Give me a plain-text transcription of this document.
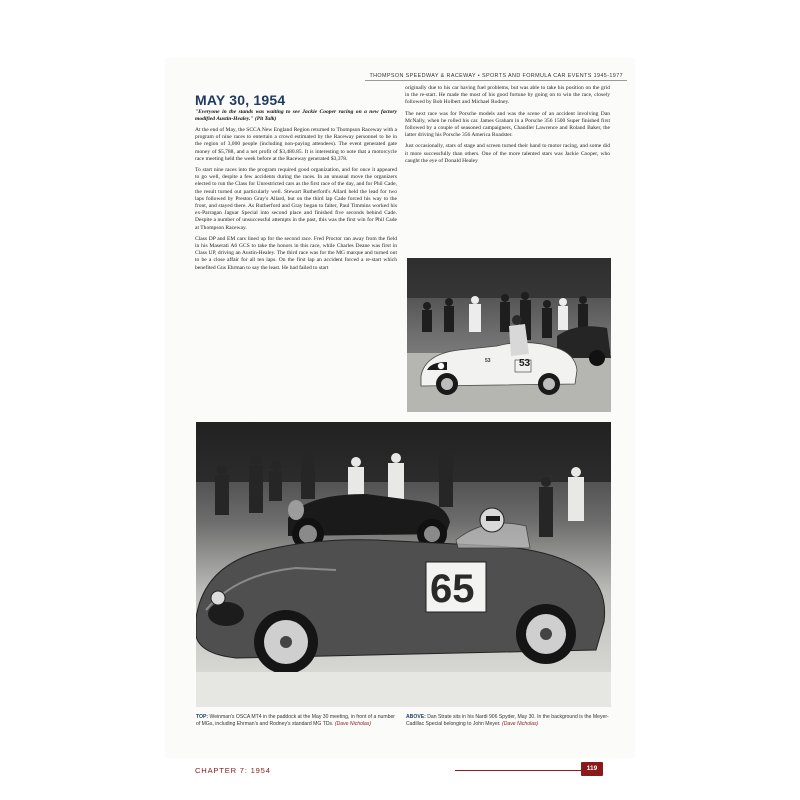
THOMPSON SPEEDWAY & RACEWAY • SPORTS AND FORMULA CAR EVENTS 1945-1977
MAY 30, 1954

"Everyone in the stands was waiting to see Jackie Cooper racing on a new factory modified Austin-Healey." (Pit Talk)

At the end of May, the SCCA New England Region returned to Thompson Raceway with a program of nine races to entertain a crowd estimated by the Raceway personnel to be in the region of 3,000 people (including non-paying attendees). The event generated gate money of $5,788, and a net profit of $3,480.85. It is interesting to note that a motorcycle race meeting held the week before at the Raceway generated $3,378.

To start nine races into the program required good organization, and for once it appeared to go well, despite a few accidents during the races. In an unusual move the organizers elected to run the Class for Unrestricted cars as the first race of the day, and for Phil Cade, the result turned out particularly well. Stewart Rutherford's Allard held the lead for two laps followed by Preston Gray's Allard, but on the third lap Cade forced his way to the front, and stayed there. As Rutherford and Gray began to falter, Paul Timmins worked his ex-Parragan Jaguar Special into second place and finished five seconds behind Cade. Despite a number of unsuccessful attempts in the past, this was the first win for Phil Cade at Thompson Raceway.

Class DP and EM cars lined up for the second race. Fred Proctor ran away from the field in his Maserati A6 GCS to take the honors in this race, while Charles Deane was first in Class UP, driving an Austin-Healey. The third race was for the MG marque and turned out to be a close affair for all ten laps. On the first lap an accident forced a re-start which benefited Gus Ehrman to say the least. He had failed to start

originally due to his car having fuel problems, but was able to take his position on the grid in the re-start. He made the most of his good fortune by going on to win the race, closely followed by Bob Holbert and Michael Rodney.

The next race was for Porsche models and was the scene of an accident involving Dan McNally, when he rolled his car. James Graham in a Porsche 356 1500 Super finished first followed by a couple of seasoned campaigners, Chandler Lawrence and Roland Baker, the latter driving his Porsche 356 America Roadster.

Just occasionally, stars of stage and screen turned their hand to motor racing, and some did it more successfully than others. One of the more talented stars was Jackie Cooper, who caught the eye of Donald Healey

53
53
65
TOP: Weinman's OSCA MT4 in the paddock at the May 30 meeting, in front of a number of MGs, including Ehrman's and Rodney's standard MG TDs. (Dave Nicholas)
ABOVE: Dan Strate sits in his Nardi 906 Spyder, May 30. In the background is the Meyer-Cadillac Special belonging to John Meyer. (Dave Nicholas)
CHAPTER 7: 1954	119
